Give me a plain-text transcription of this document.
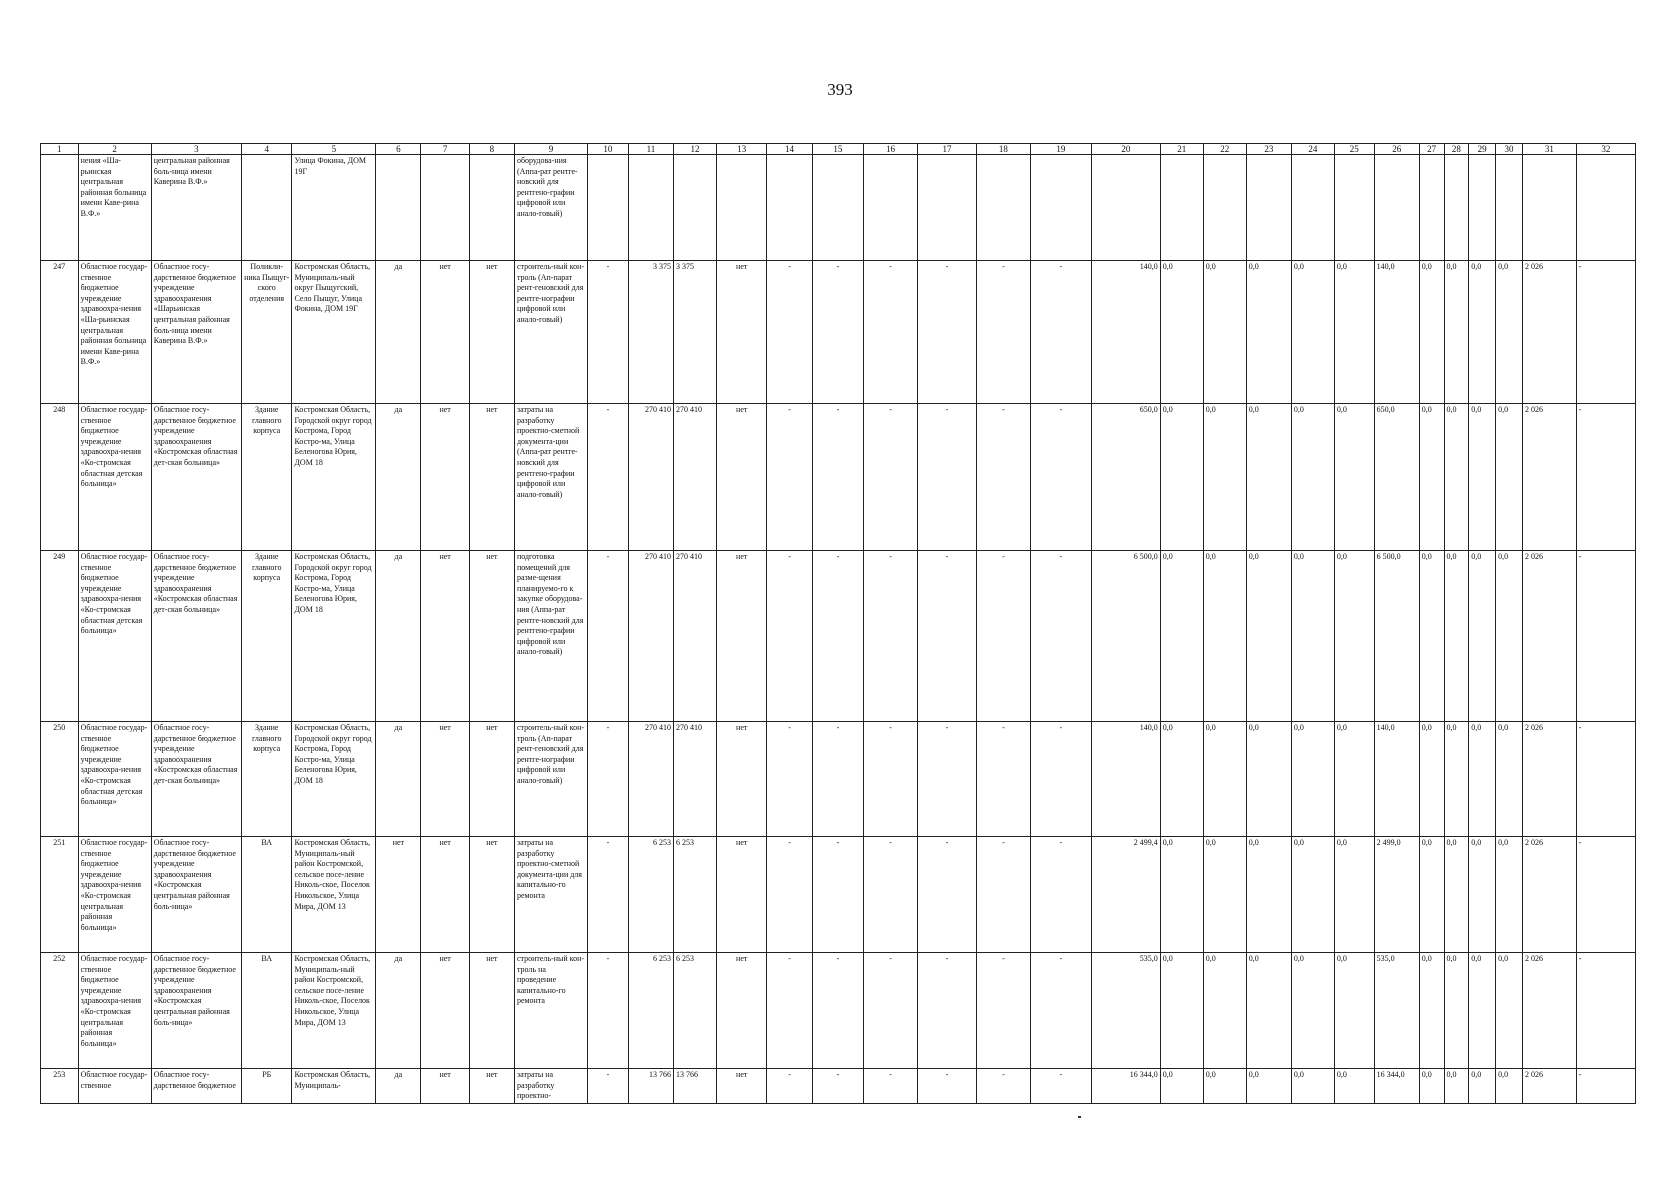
393
1	2	3	4	5	6	7	8	9	10	11	12	13	14	15	16	17	18	19	20	21	22	23	24	25	26	27	28	29	30	31	32
	нения «Ша-рьинская центральная районная больница имени Кавe-рина В.Ф.»	центральная районная боль-ница имени Каверина В.Ф.»		Улица Фокина, ДОМ 19Г				оборудова-ния (Аппа-рат рентге-новский для рентгено-графии цифровой или анало-говый)																							
247	Областное государ-ственное бюджетное учреждение здравоохра-нения «Ша-рьинская центральная районная больница имени Каве-рина В.Ф.»	Областное госу-дарственное бюджетное учреждение здравоохранения «Шарьинская центральная районная боль-ница имени Каверина В.Ф.»	Поликли-ника Пыщуг-ского отделения	Костромская Область, Муниципаль-ный округ Пыщугский, Село Пыщуг, Улица Фокина, ДОМ 19Г	да	нет	нет	строитель-ный кон-троль (Ап-парат рент-геновский для рентге-нографии цифровой или анало-говый)	-	3 375	3 375	нет	-	-	-	-	-	-	140,0	0,0	0,0	0,0	0,0	0,0	140,0	0,0	0,0	0,0	0,0	2 026	-
248	Областное государ-ственное бюджетное учреждение здравоохра-нения «Ко-стромская областная детская больница»	Областное госу-дарственное бюджетное учреждение здравоохранения «Костромская областная дет-ская больница»	Здание главного корпуса	Костромская Область, Городской округ город Кострома, Город Костро-ма, Улица Беленогова Юрия, ДОМ 18	да	нет	нет	затраты на разработку проектно-сметной документа-ции (Аппа-рат рентге-новский для рентгено-графии цифровой или анало-говый)	-	270 410	270 410	нет	-	-	-	-	-	-	650,0	0,0	0,0	0,0	0,0	0,0	650,0	0,0	0,0	0,0	0,0	2 026	-
249	Областное государ-ственное бюджетное учреждение здравоохра-нения «Ко-стромская областная детская больница»	Областное госу-дарственное бюджетное учреждение здравоохранения «Костромская областная дет-ская больница»	Здание главного корпуса	Костромская Область, Городской округ город Кострома, Город Костро-ма, Улица Беленогова Юрия, ДОМ 18	да	нет	нет	подготовка помещений для разме-щения планируемо-го к закупке оборудова-ния (Аппа-рат рентге-новский для рентгено-графии цифровой или анало-говый)	-	270 410	270 410	нет	-	-	-	-	-	-	6 500,0	0,0	0,0	0,0	0,0	0,0	6 500,0	0,0	0,0	0,0	0,0	2 026	-
250	Областное государ-ственное бюджетное учреждение здравоохра-нения «Ко-стромская областная детская больница»	Областное госу-дарственное бюджетное учреждение здравоохранения «Костромская областная дет-ская больница»	Здание главного корпуса	Костромская Область, Городской округ город Кострома, Город Костро-ма, Улица Беленогова Юрия, ДОМ 18	да	нет	нет	строитель-ный кон-троль (Ап-парат рент-геновский для рентге-нографии цифровой или анало-говый)	-	270 410	270 410	нет	-	-	-	-	-	-	140,0	0,0	0,0	0,0	0,0	0,0	140,0	0,0	0,0	0,0	0,0	2 026	-
251	Областное государ-ственное бюджетное учреждение здравоохра-нения «Ко-стромская центральная районная больница»	Областное госу-дарственное бюджетное учреждение здравоохранения «Костромская центральная районная боль-ница»	ВА	Костромская Область, Муниципаль-ный район Костромской, сельское посе-ление Николь-ское, Поселок Никольское, Улица Мира, ДОМ 13	нет	нет	нет	затраты на разработку проектно-сметной документа-ции для капитально-го ремонта	-	6 253	6 253	нет	-	-	-	-	-	-	2 499,4	0,0	0,0	0,0	0,0	0,0	2 499,0	0,0	0,0	0,0	0,0	2 026	-
252	Областное государ-ственное бюджетное учреждение здравоохра-нения «Ко-стромская центральная районная больница»	Областное госу-дарственное бюджетное учреждение здравоохранения «Костромская центральная районная боль-ница»	ВА	Костромская Область, Муниципаль-ный район Костромской, сельское посе-ление Николь-ское, Поселок Никольское, Улица Мира, ДОМ 13	да	нет	нет	строитель-ный кон-троль на проведение капитально-го ремонта	-	6 253	6 253	нет	-	-	-	-	-	-	535,0	0,0	0,0	0,0	0,0	0,0	535,0	0,0	0,0	0,0	0,0	2 026	-
253	Областное государ-ственное	Областное госу-дарственное бюджетное	РБ	Костромская Область, Муниципаль-	да	нет	нет	затраты на разработку проектно-	-	13 766	13 766	нет	-	-	-	-	-	-	16 344,0	0,0	0,0	0,0	0,0	0,0	16 344,0	0,0	0,0	0,0	0,0	2 026	-
